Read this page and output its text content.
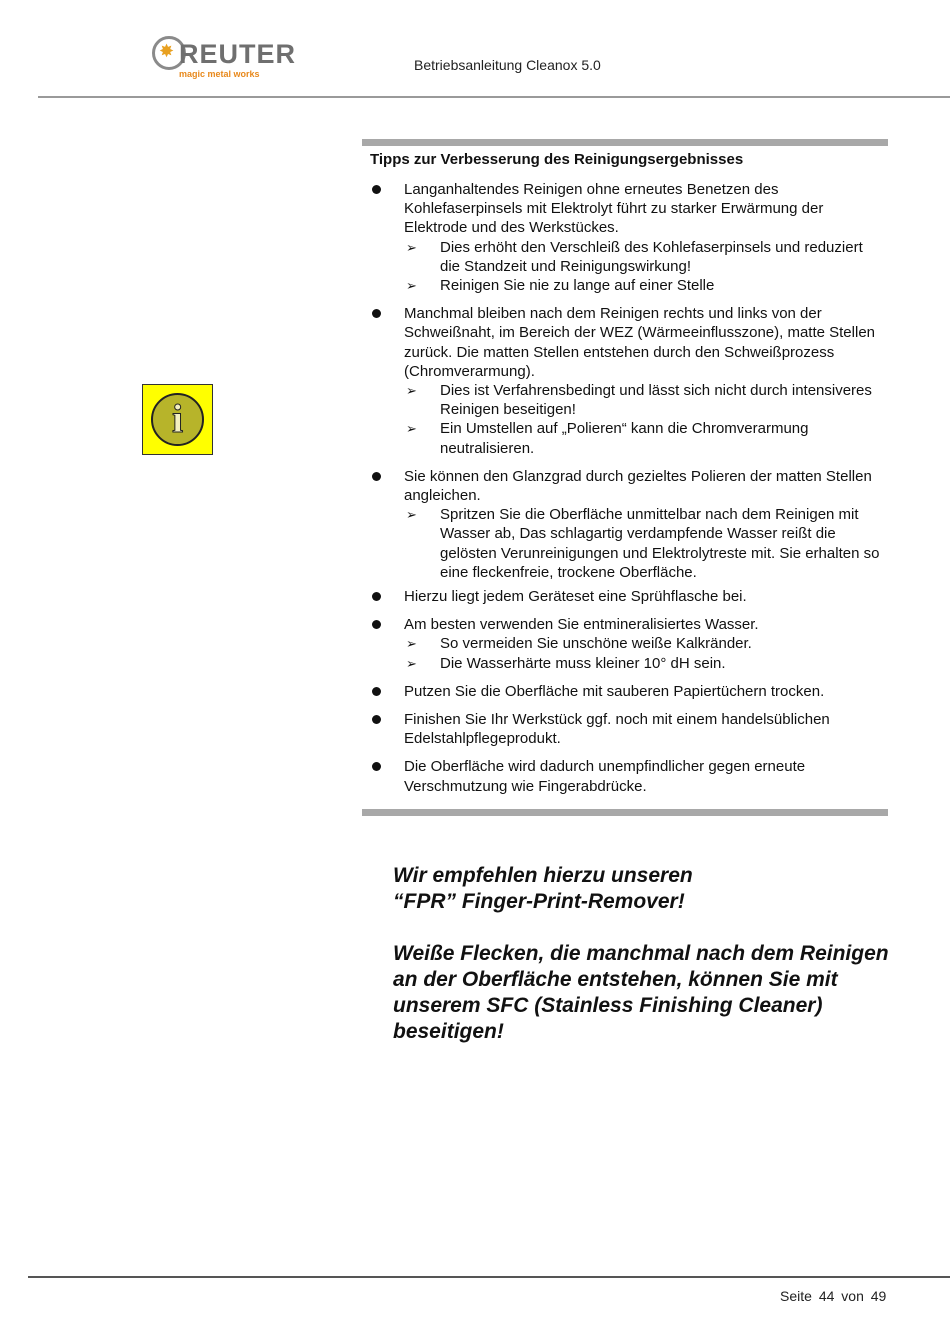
✸ REUTER
magic metal works
Betriebsanleitung Cleanox 5.0
i
Tipps zur Verbesserung des Reinigungsergebnisses
Langanhaltendes Reinigen ohne erneutes Benetzen des Kohlefaserpinsels mit Elektrolyt führt zu starker Erwärmung der Elektrode und des Werkstückes.
➢ Dies erhöht den Verschleiß des Kohlefaserpinsels und reduziert die Standzeit und Reinigungswirkung!
➢ Reinigen Sie nie zu lange auf einer Stelle
Manchmal bleiben nach dem Reinigen rechts und links von der Schweißnaht, im Bereich der WEZ (Wärmeeinflusszone), matte Stellen zurück. Die matten Stellen entstehen durch den Schweißprozess (Chromverarmung).
➢ Dies ist Verfahrensbedingt und lässt sich nicht durch intensiveres Reinigen beseitigen!
➢ Ein Umstellen auf „Polieren“ kann die Chromverarmung neutralisieren.
Sie können den Glanzgrad durch gezieltes Polieren der matten Stellen angleichen.
➢ Spritzen Sie die Oberfläche unmittelbar nach dem Reinigen mit Wasser ab, Das schlagartig verdampfende Wasser reißt die gelösten Verunreinigungen und Elektrolytreste mit. Sie erhalten so eine fleckenfreie, trockene Oberfläche.
Hierzu liegt jedem Geräteset eine Sprühflasche bei.
Am besten verwenden Sie entmineralisiertes Wasser.
➢ So vermeiden Sie unschöne weiße Kalkränder.
➢ Die Wasserhärte muss kleiner 10° dH sein.
Putzen Sie die Oberfläche mit sauberen Papiertüchern trocken.
Finishen Sie Ihr Werkstück ggf. noch mit einem handelsüblichen Edelstahlpflegeprodukt.
Die Oberfläche wird dadurch unempfindlicher gegen erneute Verschmutzung wie Fingerabdrücke.

Wir empfehlen hierzu unseren
“FPR” Finger-Print-Remover!

Weiße Flecken, die manchmal nach dem Reinigen an der Oberfläche entstehen, können Sie mit unserem SFC (Stainless Finishing Cleaner) beseitigen!

Seite 44 von 49
